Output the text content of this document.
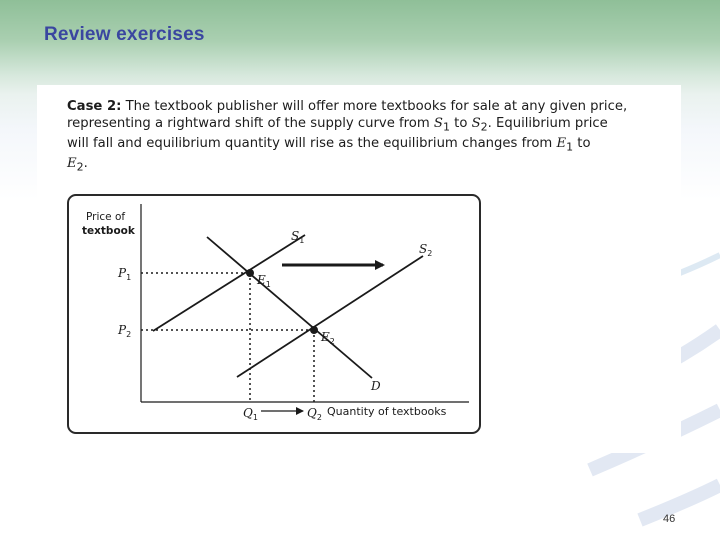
Review exercises

Case 2: The textbook publisher will offer more textbooks for sale at any given price,
representing a rightward shift of the supply curve from $S_1$ to $S_2$. Equilibrium price
will fall and equilibrium quantity will rise as the equilibrium changes from $E_1$ to
$E_2$.

Price of
textbook
Quantity of textbooks
$S_1$
$S_2$
D
$E_1$
$E_2$
$P_1$
$P_2$
$Q_1$	$Q_2$
46
